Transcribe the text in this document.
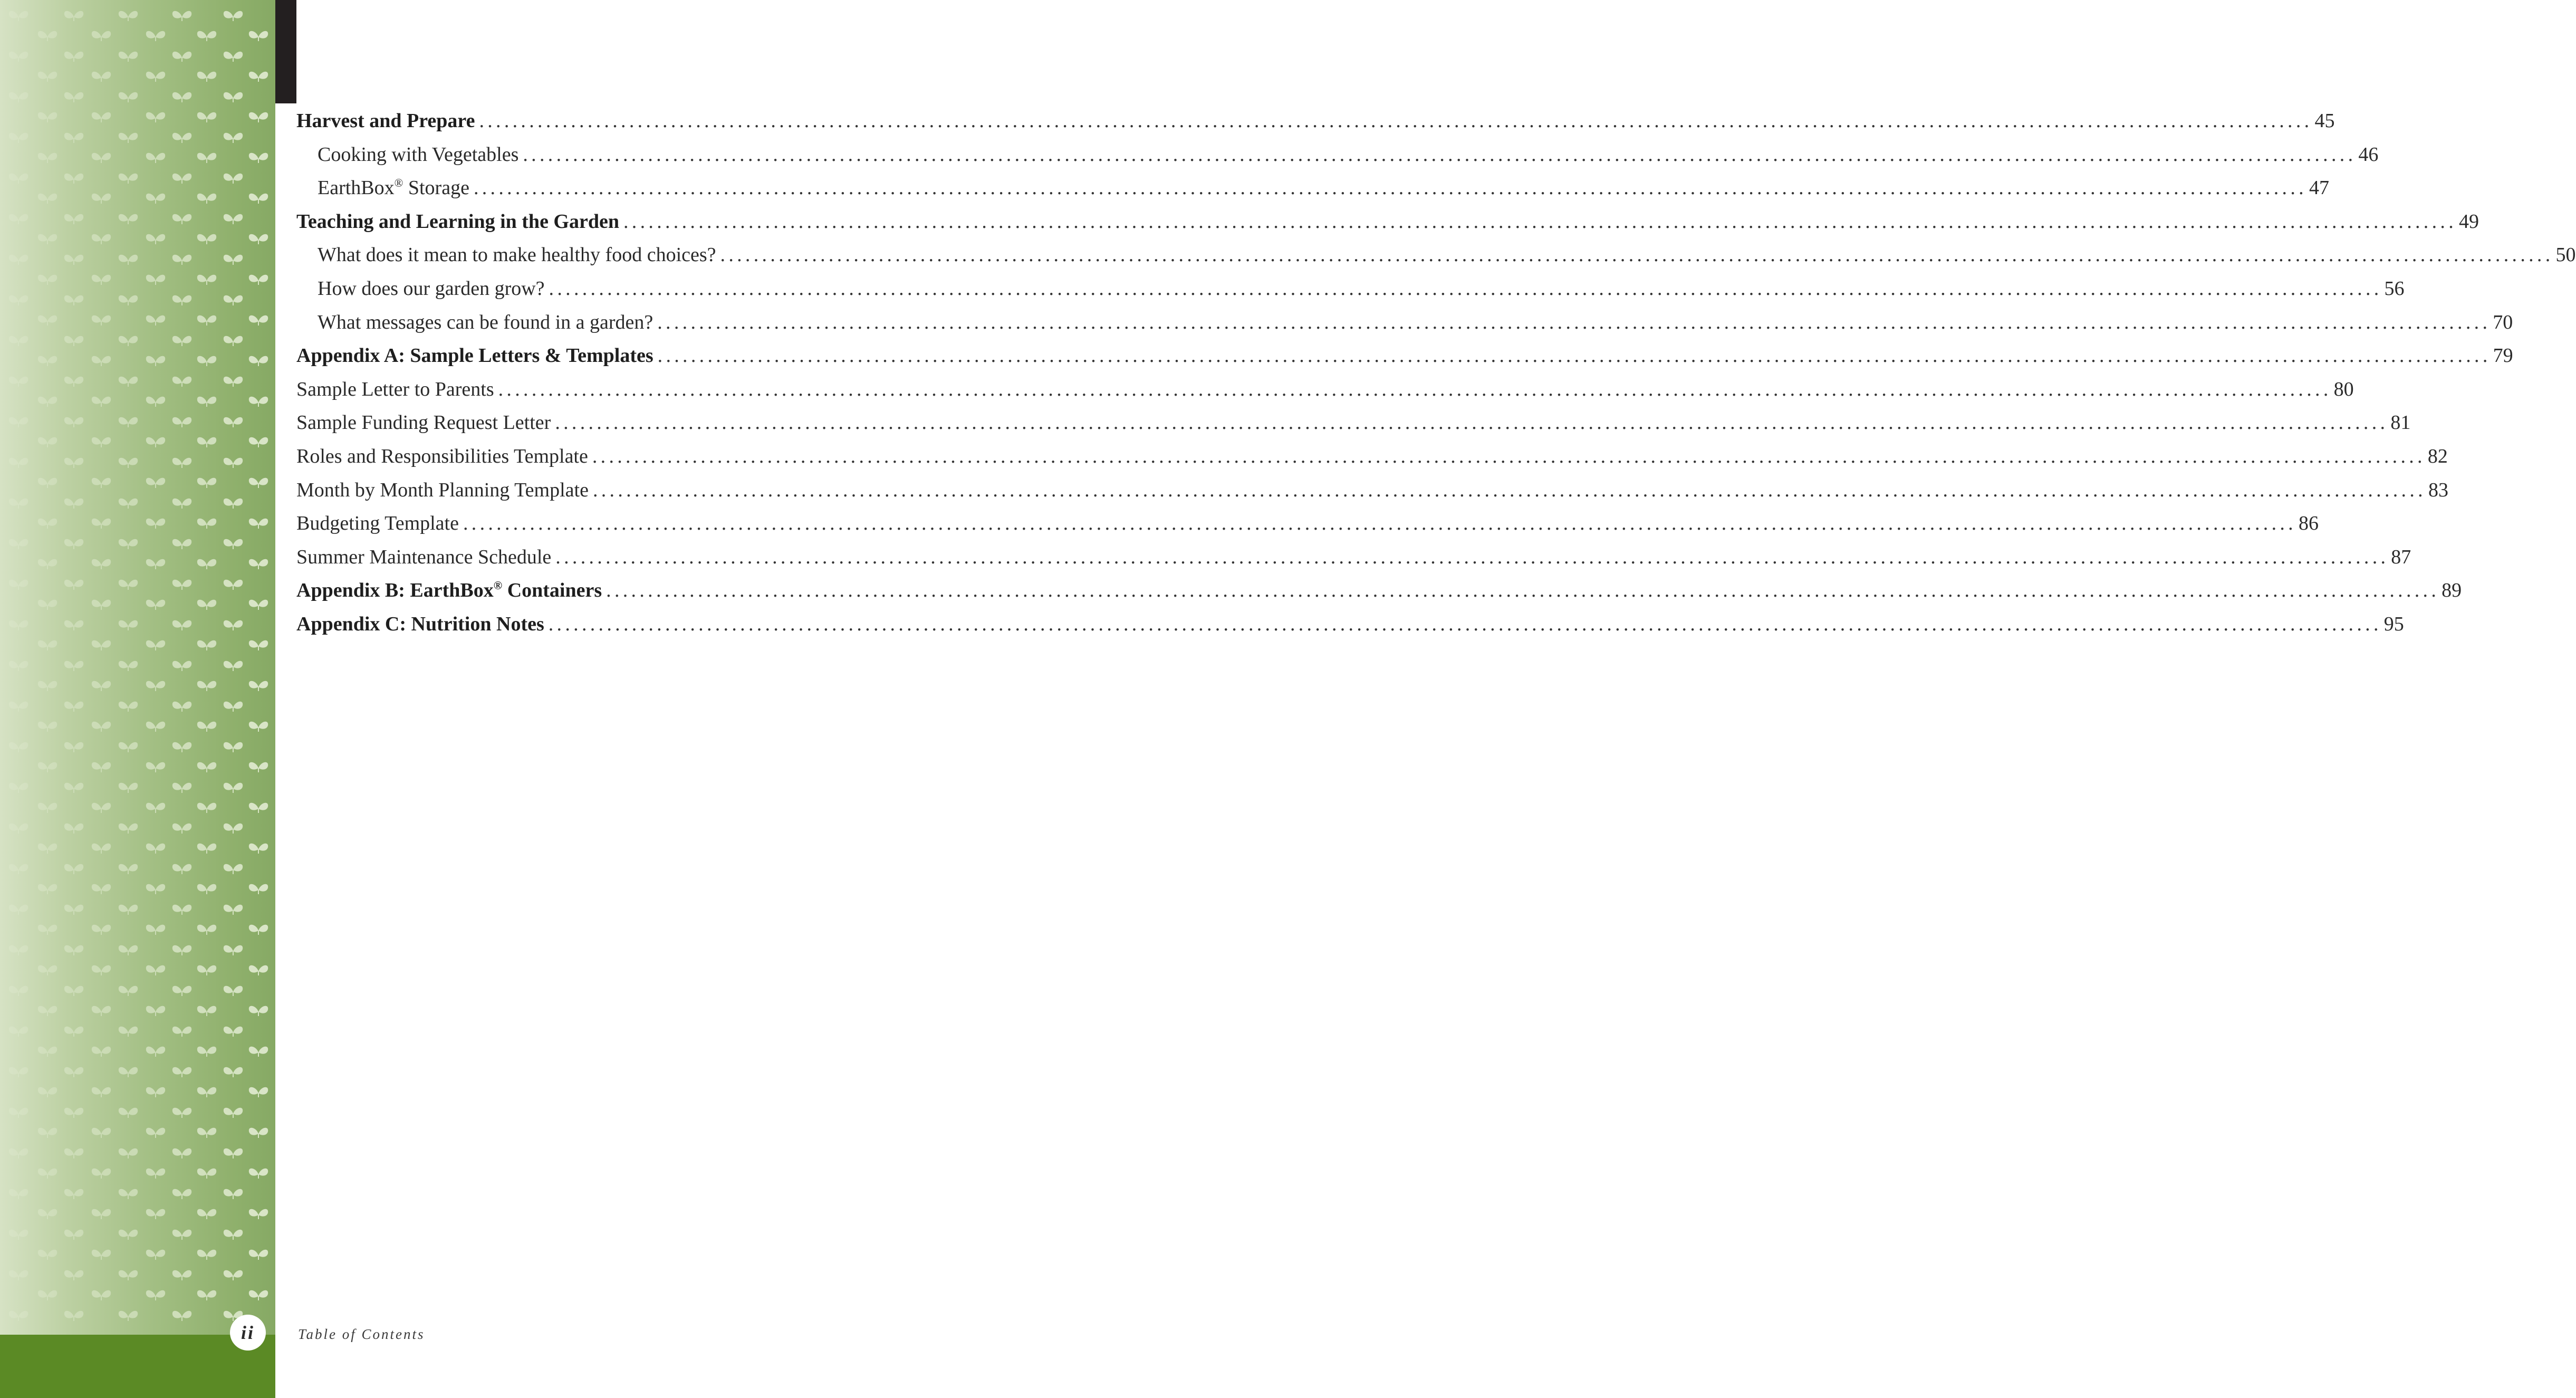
Harvest and Prepare ............................................................................................................................................................................................................................ 45
Cooking with Vegetables ............................................................................................................................................................................................................................ 46
EarthBox® Storage ............................................................................................................................................................................................................................ 47
Teaching and Learning in the Garden ............................................................................................................................................................................................................................ 49
What does it mean to make healthy food choices? ............................................................................................................................................................................................................................ 50
How does our garden grow? ............................................................................................................................................................................................................................ 56
What messages can be found in a garden? ............................................................................................................................................................................................................................ 70
Appendix A: Sample Letters & Templates ............................................................................................................................................................................................................................ 79
Sample Letter to Parents ............................................................................................................................................................................................................................ 80
Sample Funding Request Letter ............................................................................................................................................................................................................................ 81
Roles and Responsibilities Template ............................................................................................................................................................................................................................ 82
Month by Month Planning Template ............................................................................................................................................................................................................................ 83
Budgeting Template ............................................................................................................................................................................................................................ 86
Summer Maintenance Schedule ............................................................................................................................................................................................................................ 87
Appendix B: EarthBox® Containers ............................................................................................................................................................................................................................ 89
Appendix C: Nutrition Notes ............................................................................................................................................................................................................................ 95
ii	Table of Contents
